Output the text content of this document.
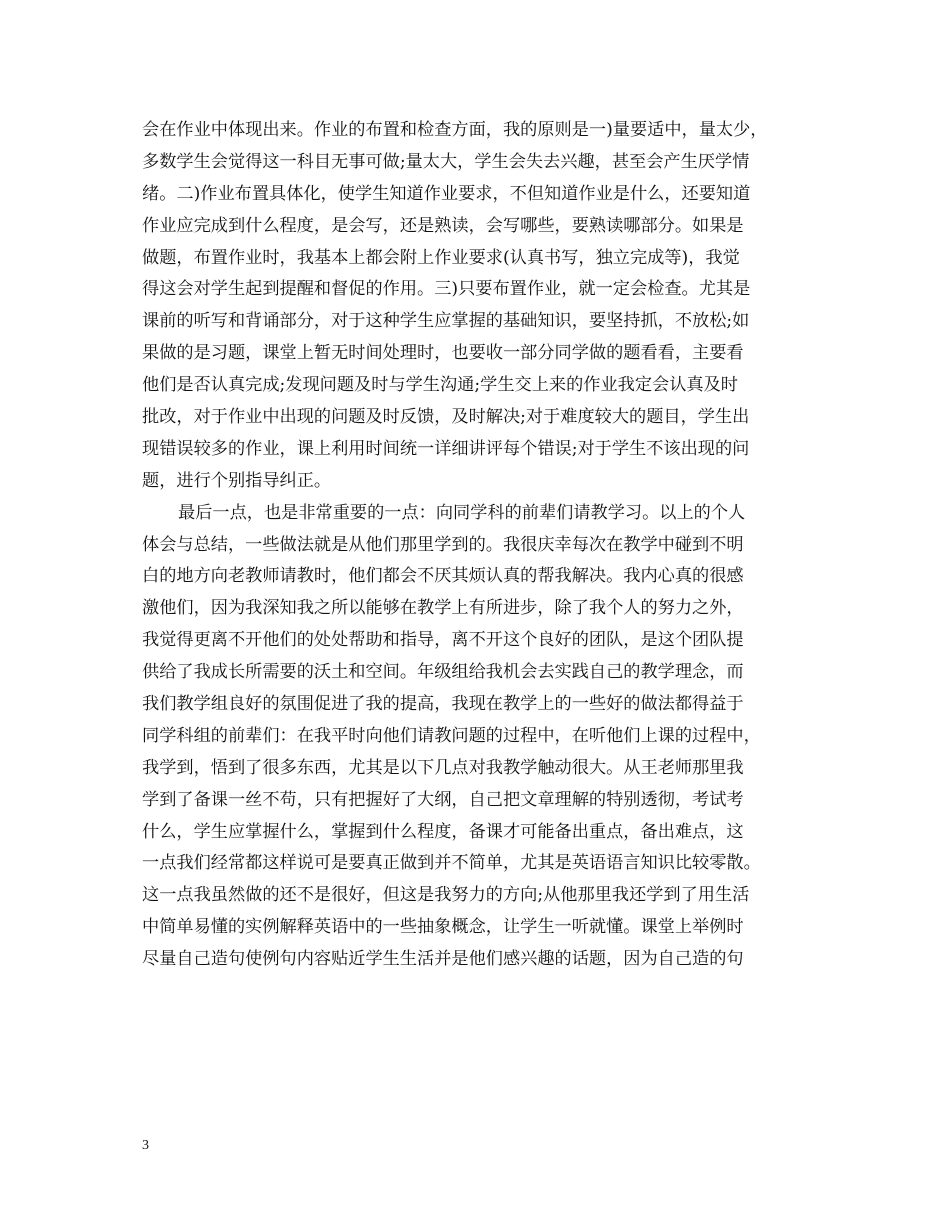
会在作业中体现出来。作业的布置和检查方面，我的原则是一)量要适中，量太少，
多数学生会觉得这一科目无事可做;量太大，学生会失去兴趣，甚至会产生厌学情
绪。二)作业布置具体化，使学生知道作业要求，不但知道作业是什么，还要知道
作业应完成到什么程度，是会写，还是熟读，会写哪些，要熟读哪部分。如果是
做题，布置作业时，我基本上都会附上作业要求(认真书写，独立完成等)，我觉
得这会对学生起到提醒和督促的作用。三)只要布置作业，就一定会检查。尤其是
课前的听写和背诵部分，对于这种学生应掌握的基础知识，要坚持抓，不放松;如
果做的是习题，课堂上暂无时间处理时，也要收一部分同学做的题看看，主要看
他们是否认真完成;发现问题及时与学生沟通;学生交上来的作业我定会认真及时
批改，对于作业中出现的问题及时反馈，及时解决;对于难度较大的题目，学生出
现错误较多的作业，课上利用时间统一详细讲评每个错误;对于学生不该出现的问
题，进行个别指导纠正。
最后一点，也是非常重要的一点：向同学科的前辈们请教学习。以上的个人
体会与总结，一些做法就是从他们那里学到的。我很庆幸每次在教学中碰到不明
白的地方向老教师请教时，他们都会不厌其烦认真的帮我解决。我内心真的很感
激他们，因为我深知我之所以能够在教学上有所进步，除了我个人的努力之外，
我觉得更离不开他们的处处帮助和指导，离不开这个良好的团队，是这个团队提
供给了我成长所需要的沃土和空间。年级组给我机会去实践自己的教学理念，而
我们教学组良好的氛围促进了我的提高，我现在教学上的一些好的做法都得益于
同学科组的前辈们：在我平时向他们请教问题的过程中，在听他们上课的过程中，
我学到，悟到了很多东西，尤其是以下几点对我教学触动很大。从王老师那里我
学到了备课一丝不苟，只有把握好了大纲，自己把文章理解的特别透彻，考试考
什么，学生应掌握什么，掌握到什么程度，备课才可能备出重点，备出难点，这
一点我们经常都这样说可是要真正做到并不简单，尤其是英语语言知识比较零散。
这一点我虽然做的还不是很好，但这是我努力的方向;从他那里我还学到了用生活
中简单易懂的实例解释英语中的一些抽象概念，让学生一听就懂。课堂上举例时
尽量自己造句使例句内容贴近学生生活并是他们感兴趣的话题，因为自己造的句
3
